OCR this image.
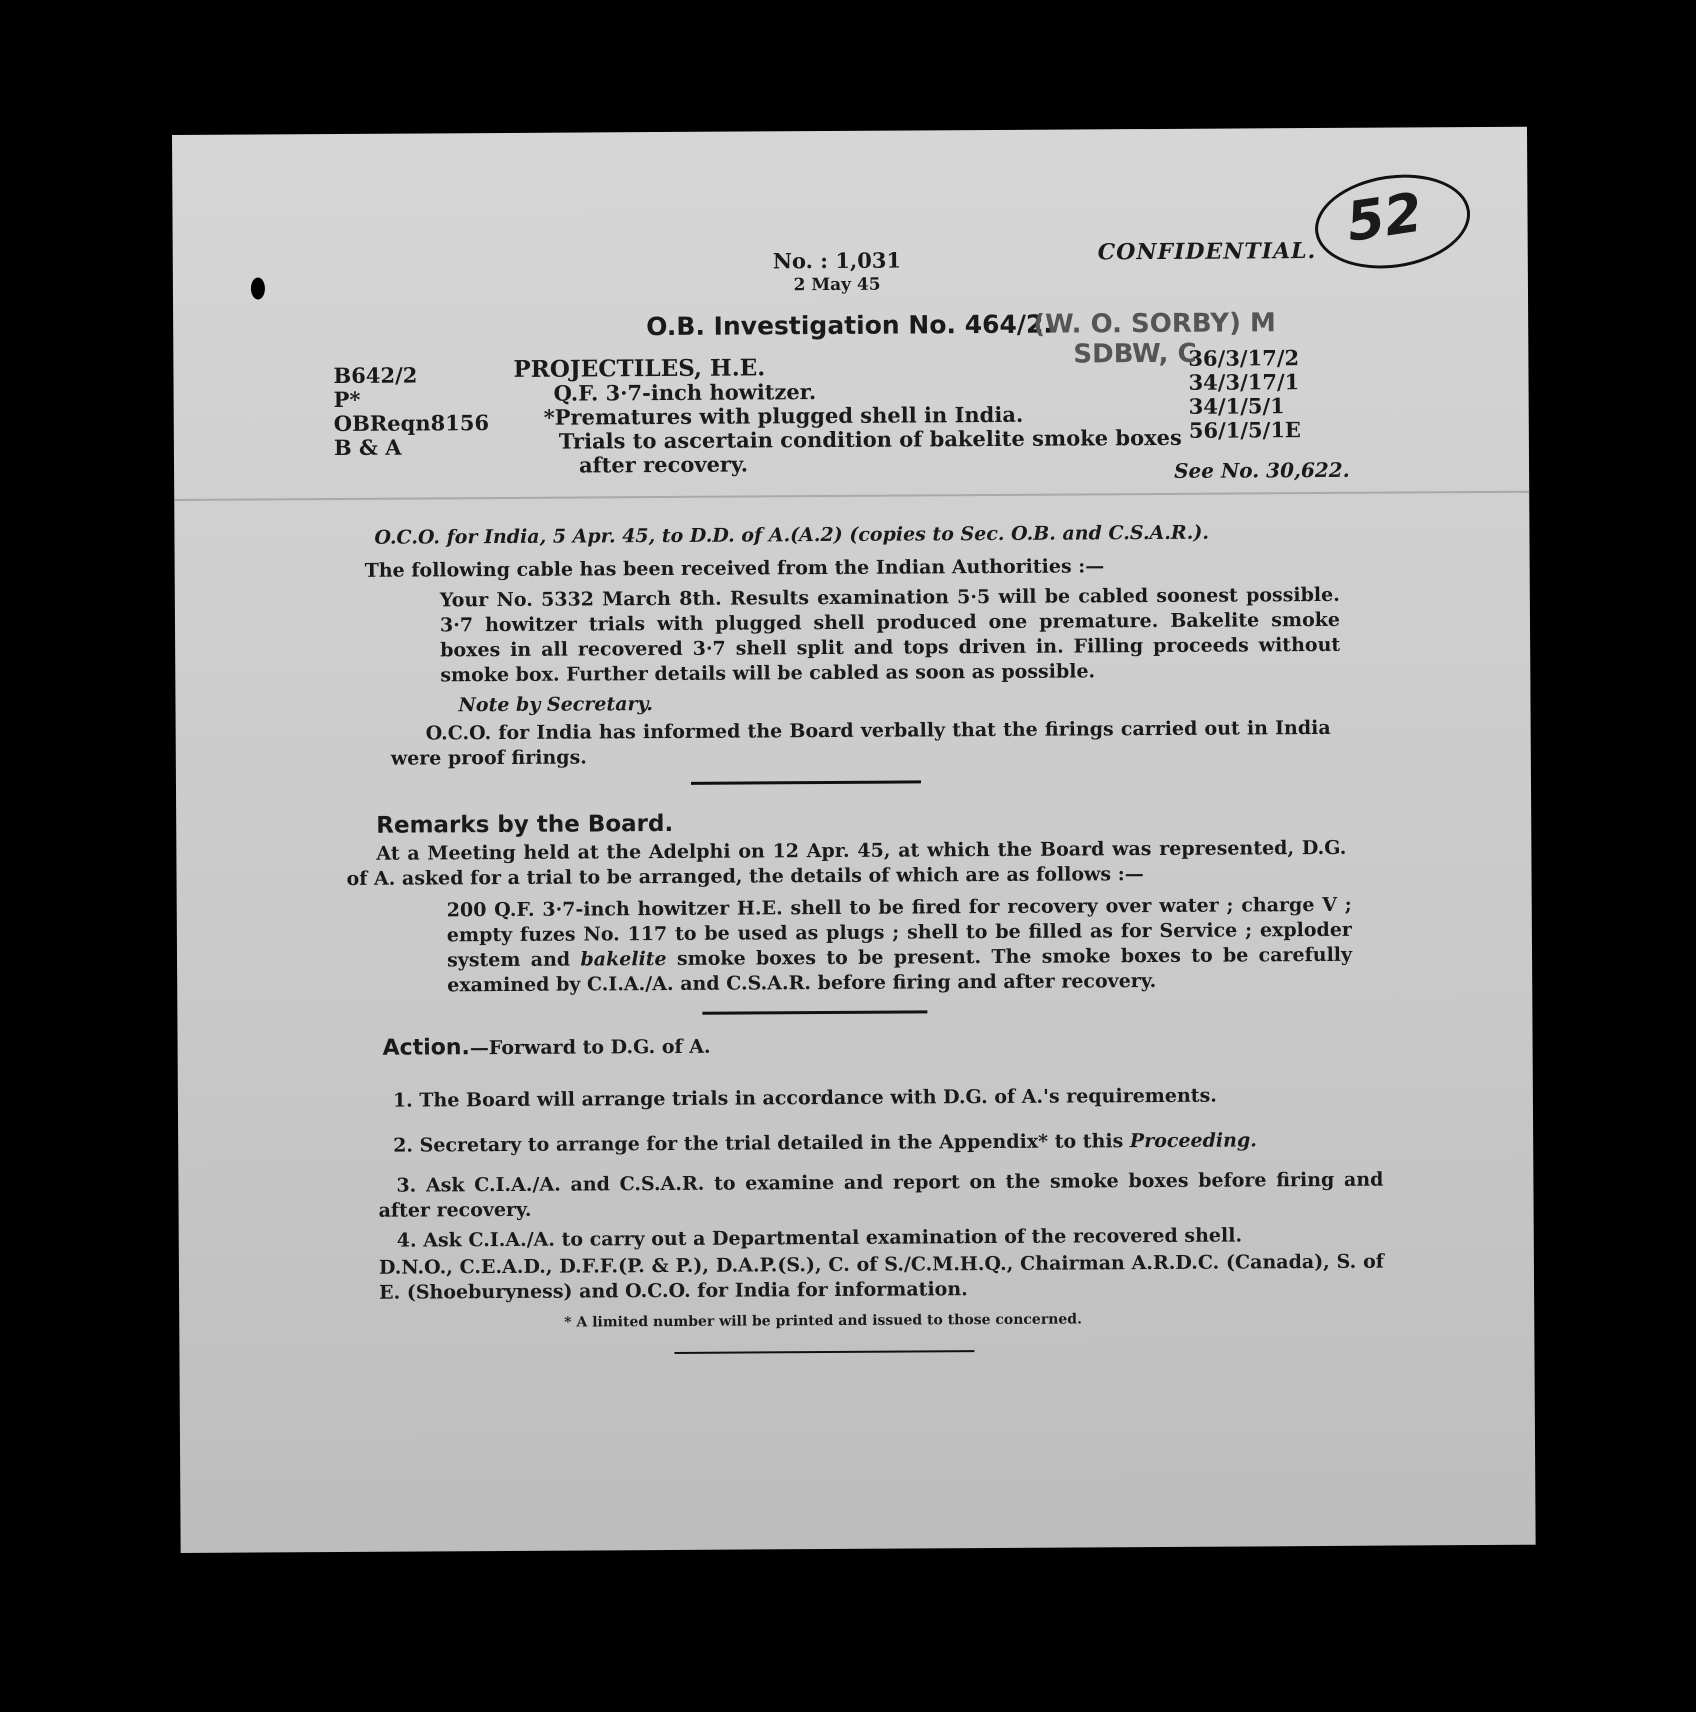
No. : 1,031
2 May 45
CONFIDENTIAL. 52
O.B. Investigation No. 464/2.
(W. O. SORBY) M
SDBW, C
B642/2
P*
OBReqn8156
B & A
PROJECTILES, H.E.
Q.F. 3·7-inch howitzer.
*Prematures with plugged shell in India.
Trials to ascertain condition of bakelite smoke boxes
after recovery.
36/3/17/2
34/3/17/1
34/1/5/1
56/1/5/1E
See No. 30,622.
O.C.O. for India, 5 Apr. 45, to D.D. of A.(A.2) (copies to Sec. O.B. and C.S.A.R.).
The following cable has been received from the Indian Authorities :—
Your No. 5332 March 8th. Results examination 5·5 will be cabled soonest possible. 3·7 howitzer trials with plugged shell produced one premature. Bakelite smoke boxes in all recovered 3·7 shell split and tops driven in. Filling proceeds without smoke box. Further details will be cabled as soon as possible.
Note by Secretary.
O.C.O. for India has informed the Board verbally that the firings carried out in India were proof firings.
Remarks by the Board.
At a Meeting held at the Adelphi on 12 Apr. 45, at which the Board was represented, D.G. of A. asked for a trial to be arranged, the details of which are as follows :—
200 Q.F. 3·7-inch howitzer H.E. shell to be fired for recovery over water ; charge V ; empty fuzes No. 117 to be used as plugs ; shell to be filled as for Service ; exploder system and bakelite smoke boxes to be present. The smoke boxes to be carefully examined by C.I.A./A. and C.S.A.R. before firing and after recovery.
Action.—Forward to D.G. of A.
1. The Board will arrange trials in accordance with D.G. of A.'s requirements.
2. Secretary to arrange for the trial detailed in the Appendix* to this Proceeding.
3. Ask C.I.A./A. and C.S.A.R. to examine and report on the smoke boxes before firing and after recovery.
4. Ask C.I.A./A. to carry out a Departmental examination of the recovered shell.
D.N.O., C.E.A.D., D.F.F.(P. & P.), D.A.P.(S.), C. of S./C.M.H.Q., Chairman A.R.D.C. (Canada), S. of E. (Shoeburyness) and O.C.O. for India for information.
* A limited number will be printed and issued to those concerned.
